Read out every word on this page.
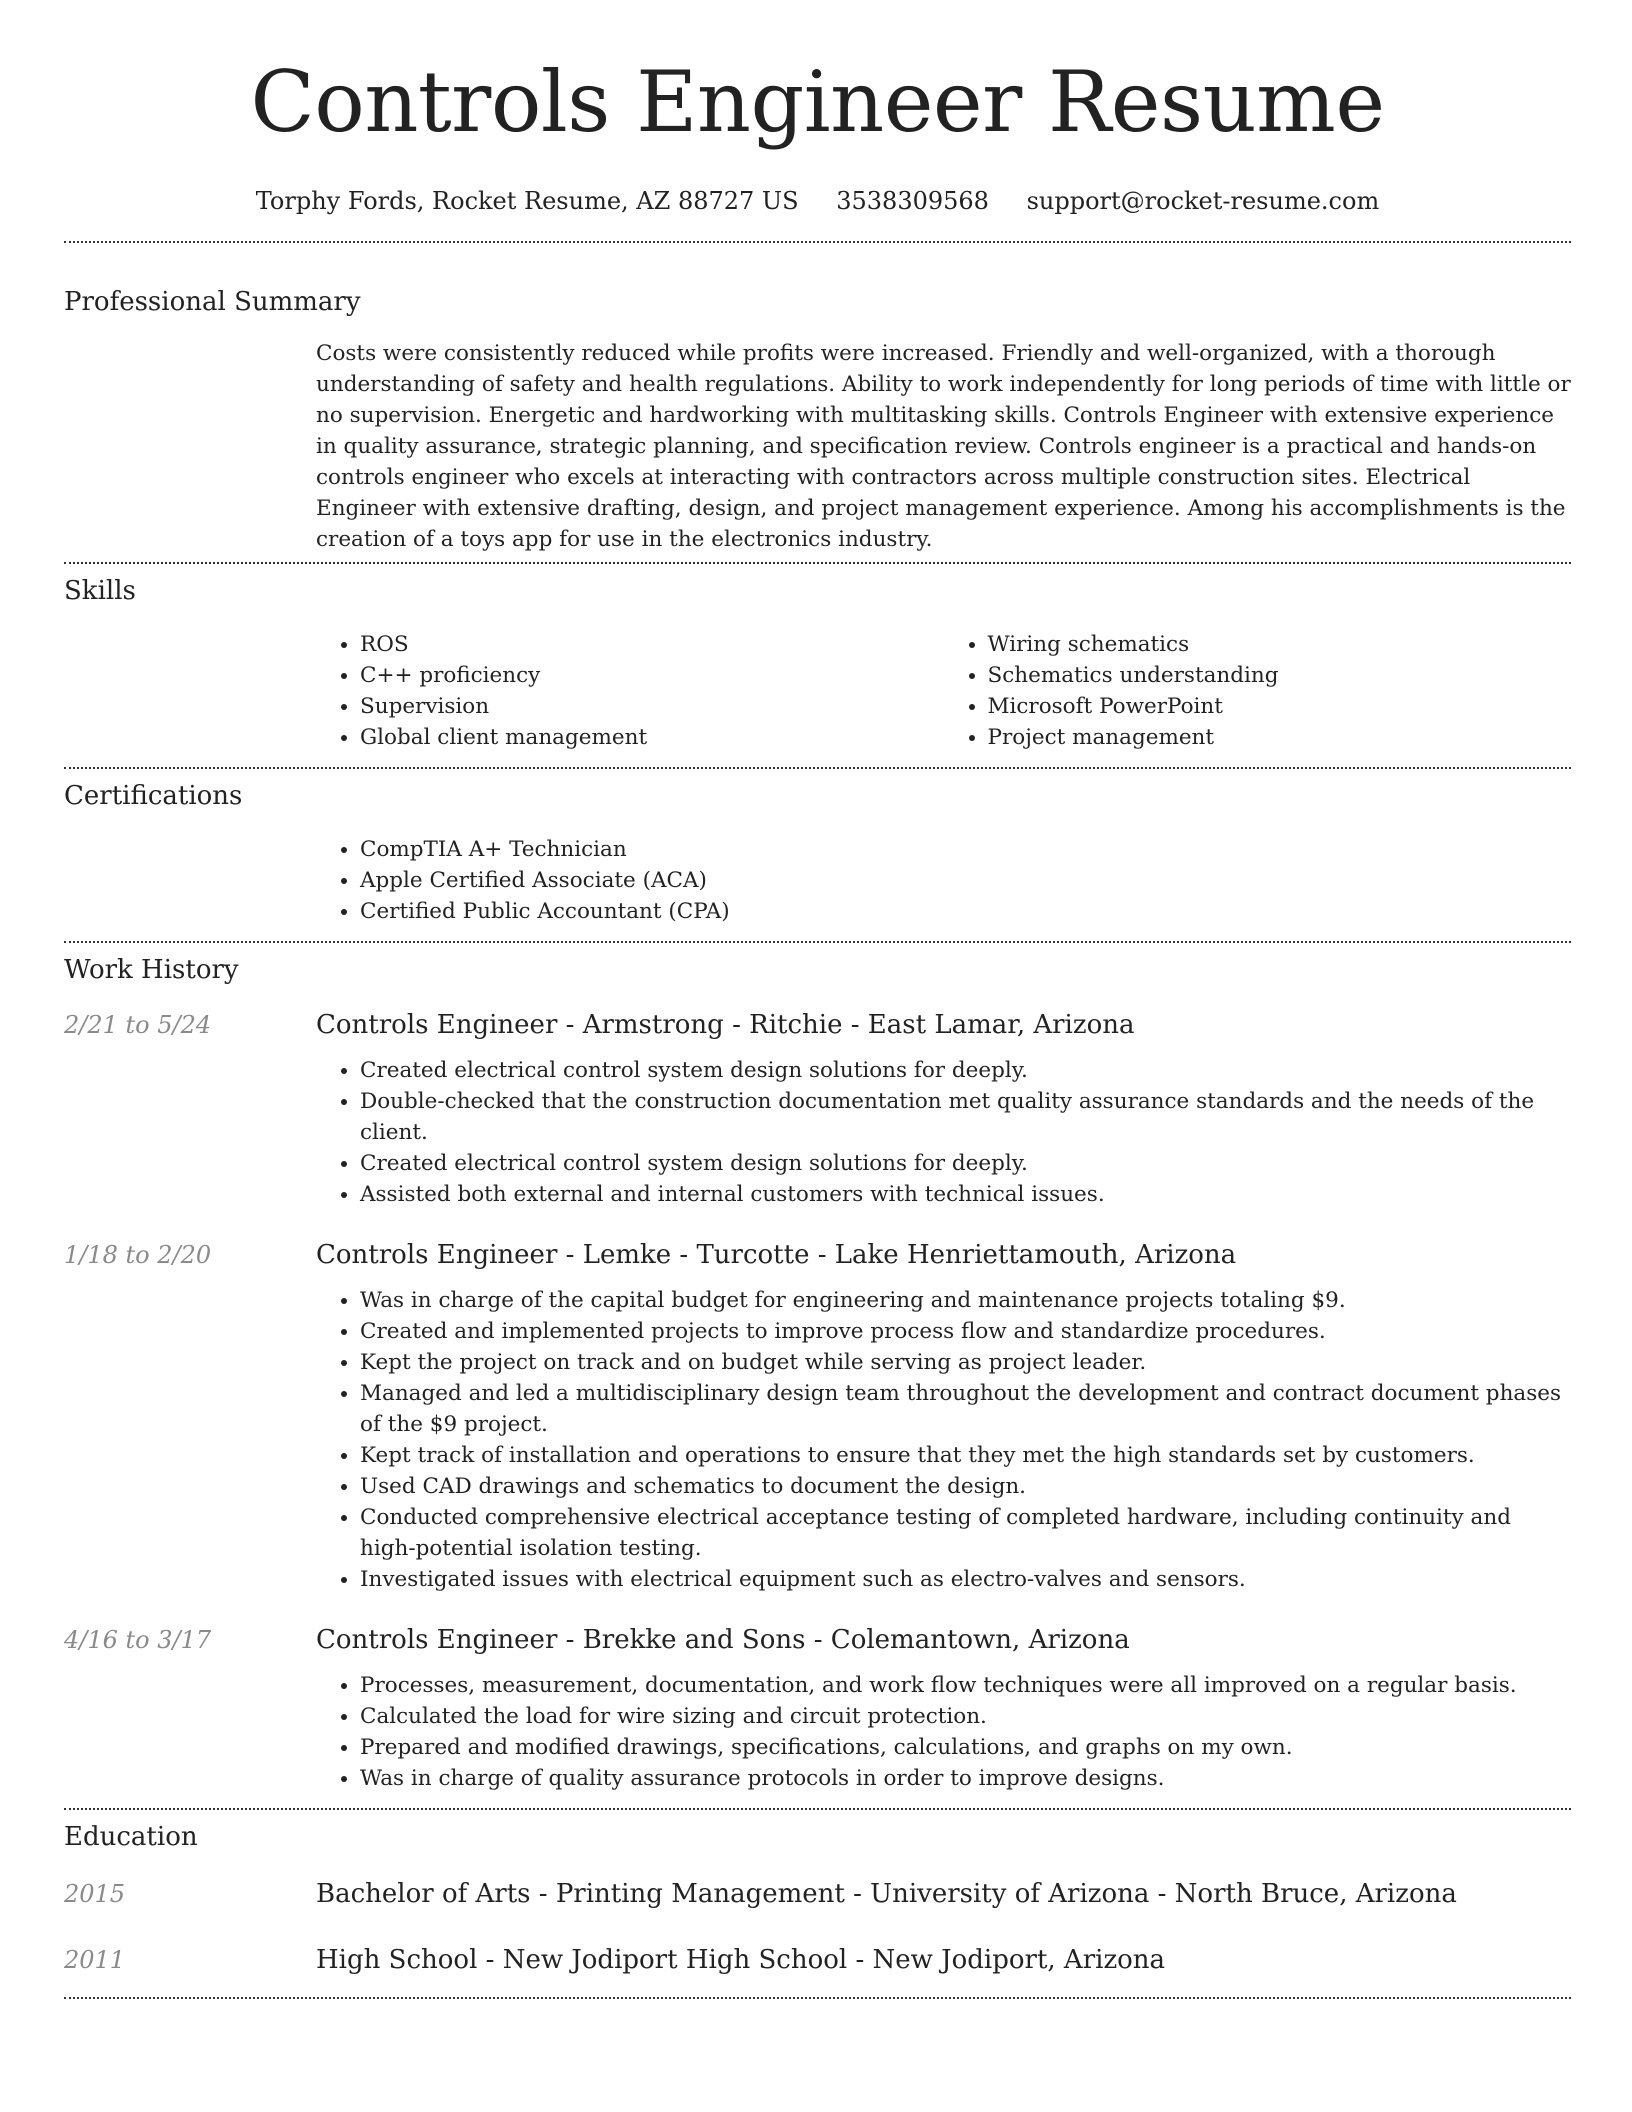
Controls Engineer Resume
Torphy Fords, Rocket Resume, AZ 88727 US 3538309568 support@rocket-resume.com
Professional Summary
Costs were consistently reduced while profits were increased. Friendly and well-organized, with a thorough understanding of safety and health regulations. Ability to work independently for long periods of time with little or no supervision. Energetic and hardworking with multitasking skills. Controls Engineer with extensive experience in quality assurance, strategic planning, and specification review. Controls engineer is a practical and hands-on controls engineer who excels at interacting with contractors across multiple construction sites. Electrical Engineer with extensive drafting, design, and project management experience. Among his accomplishments is the creation of a toys app for use in the electronics industry.
Skills
• ROS
• C++ proficiency
• Supervision
• Global client management
• Wiring schematics
• Schematics understanding
• Microsoft PowerPoint
• Project management
Certifications
• CompTIA A+ Technician
• Apple Certified Associate (ACA)
• Certified Public Accountant (CPA)
Work History
2/21 to 5/24	Controls Engineer - Armstrong - Ritchie - East Lamar, Arizona
• Created electrical control system design solutions for deeply.
• Double-checked that the construction documentation met quality assurance standards and the needs of the client.
• Created electrical control system design solutions for deeply.
• Assisted both external and internal customers with technical issues.
1/18 to 2/20	Controls Engineer - Lemke - Turcotte - Lake Henriettamouth, Arizona
• Was in charge of the capital budget for engineering and maintenance projects totaling $9.
• Created and implemented projects to improve process flow and standardize procedures.
• Kept the project on track and on budget while serving as project leader.
• Managed and led a multidisciplinary design team throughout the development and contract document phases of the $9 project.
• Kept track of installation and operations to ensure that they met the high standards set by customers.
• Used CAD drawings and schematics to document the design.
• Conducted comprehensive electrical acceptance testing of completed hardware, including continuity and high-potential isolation testing.
• Investigated issues with electrical equipment such as electro-valves and sensors.
4/16 to 3/17	Controls Engineer - Brekke and Sons - Colemantown, Arizona
• Processes, measurement, documentation, and work flow techniques were all improved on a regular basis.
• Calculated the load for wire sizing and circuit protection.
• Prepared and modified drawings, specifications, calculations, and graphs on my own.
• Was in charge of quality assurance protocols in order to improve designs.
Education
2015	Bachelor of Arts - Printing Management - University of Arizona - North Bruce, Arizona
2011	High School - New Jodiport High School - New Jodiport, Arizona
